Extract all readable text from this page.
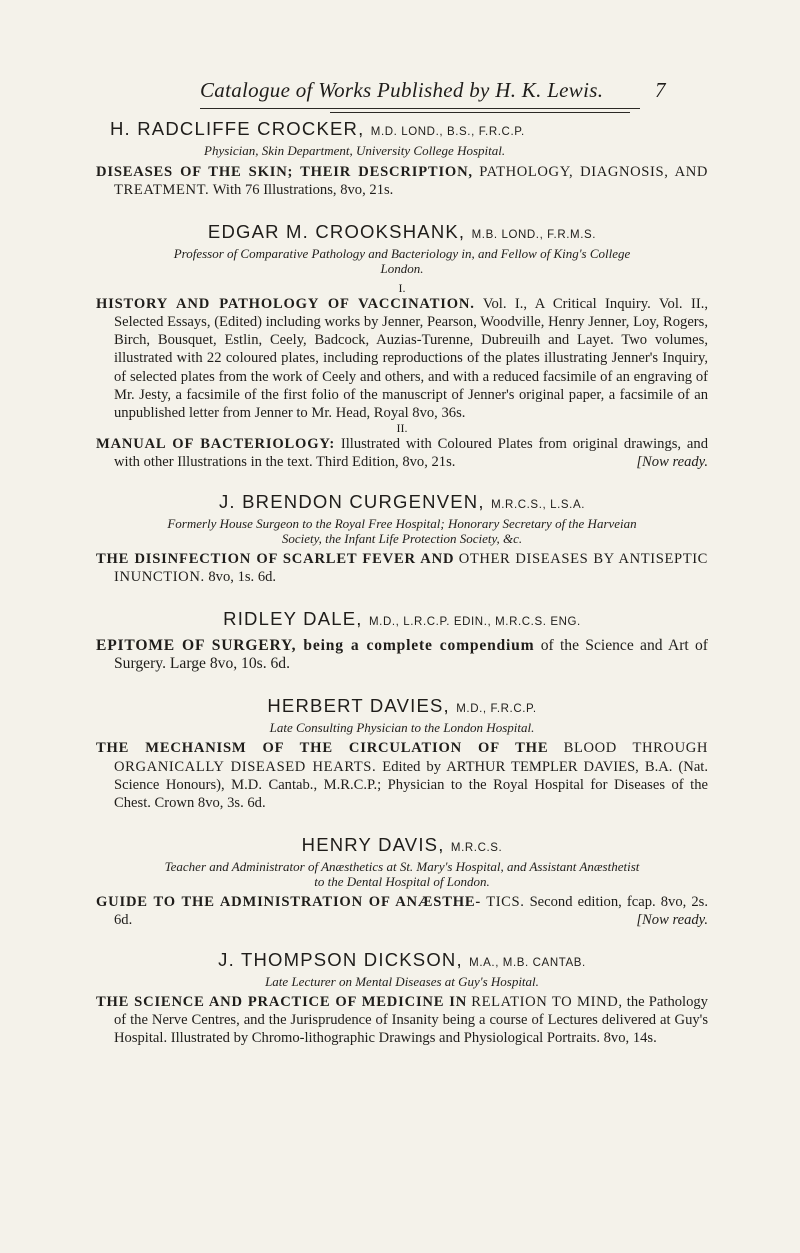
Catalogue of Works Published by H. K. Lewis. 7
H. RADCLIFFE CROCKER, M.D. LOND., B.S., F.R.C.P.
Physician, Skin Department, University College Hospital.
DISEASES OF THE SKIN; THEIR DESCRIPTION, PATHOLOGY, DIAGNOSIS, AND TREATMENT. With 76 Illustrations, 8vo, 21s.
EDGAR M. CROOKSHANK, M.B. LOND., F.R.M.S.
Professor of Comparative Pathology and Bacteriology in, and Fellow of King's College
London.
I.
HISTORY AND PATHOLOGY OF VACCINATION. Vol. I., A Critical Inquiry. Vol. II., Selected Essays, (Edited) including works by Jenner, Pearson, Woodville, Henry Jenner, Loy, Rogers, Birch, Bousquet, Estlin, Ceely, Badcock, Auzias-Turenne, Dubreuilh and Layet. Two volumes, illustrated with 22 coloured plates, including reproductions of the plates illustrating Jenner's Inquiry, of selected plates from the work of Ceely and others, and with a reduced facsimile of an engraving of Mr. Jesty, a facsimile of the first folio of the manuscript of Jenner's original paper, a facsimile of an unpublished letter from Jenner to Mr. Head, Royal 8vo, 36s.
II.
MANUAL OF BACTERIOLOGY: Illustrated with Coloured Plates from original drawings, and with other Illustrations in the text. Third Edition, 8vo, 21s.	[Now ready.
J. BRENDON CURGENVEN, M.R.C.S., L.S.A.
Formerly House Surgeon to the Royal Free Hospital; Honorary Secretary of the Harveian
Society, the Infant Life Protection Society, &c.
THE DISINFECTION OF SCARLET FEVER AND OTHER DISEASES BY ANTISEPTIC INUNCTION. 8vo, 1s. 6d.
RIDLEY DALE, M.D., L.R.C.P. EDIN., M.R.C.S. ENG.
EPITOME OF SURGERY, being a complete compendium of the Science and Art of Surgery. Large 8vo, 10s. 6d.
HERBERT DAVIES, M.D., F.R.C.P.
Late Consulting Physician to the London Hospital.
THE MECHANISM OF THE CIRCULATION OF THE BLOOD THROUGH ORGANICALLY DISEASED HEARTS. Edited by ARTHUR TEMPLER DAVIES, B.A. (Nat. Science Honours), M.D. Cantab., M.R.C.P.; Physician to the Royal Hospital for Diseases of the Chest. Crown 8vo, 3s. 6d.
HENRY DAVIS, M.R.C.S.
Teacher and Administrator of Anæsthetics at St. Mary's Hospital, and Assistant Anæsthetist
to the Dental Hospital of London.
GUIDE TO THE ADMINISTRATION OF ANÆSTHE- TICS. Second edition, fcap. 8vo, 2s. 6d.	[Now ready.
J. THOMPSON DICKSON, M.A., M.B. CANTAB.
Late Lecturer on Mental Diseases at Guy's Hospital.
THE SCIENCE AND PRACTICE OF MEDICINE IN RELATION TO MIND, the Pathology of the Nerve Centres, and the Jurisprudence of Insanity being a course of Lectures delivered at Guy's Hospital. Illustrated by Chromo-lithographic Drawings and Physiological Portraits. 8vo, 14s.
